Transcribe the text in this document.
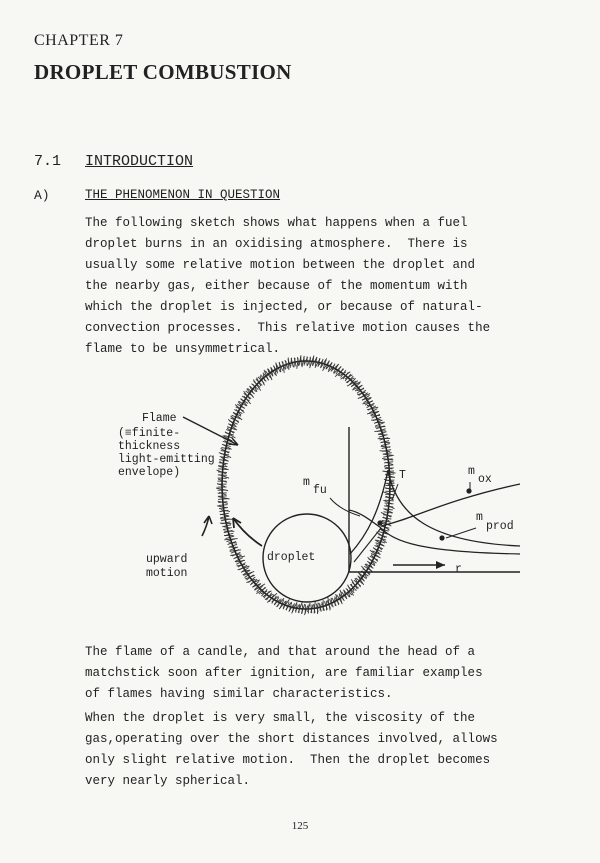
CHAPTER 7
DROPLET COMBUSTION
7.1 INTRODUCTION
A)	THE PHENOMENON IN QUESTION

The following sketch shows what happens when a fuel
droplet burns in an oxidising atmosphere.  There is
usually some relative motion between the droplet and
the nearby gas, either because of the momentum with
which the droplet is injected, or because of natural-
convection processes.  This relative motion causes the
flame to be unsymmetrical.

droplet
Flame
(≡finite-
thickness
light-emitting
envelope)
upward
motion	r
m
fu
T	m
ox
m
prod

The flame of a candle, and that around the head of a
matchstick soon after ignition, are familiar examples
of flames having similar characteristics.

When the droplet is very small, the viscosity of the
gas,operating over the short distances involved, allows
only slight relative motion.  Then the droplet becomes
very nearly spherical.

125
